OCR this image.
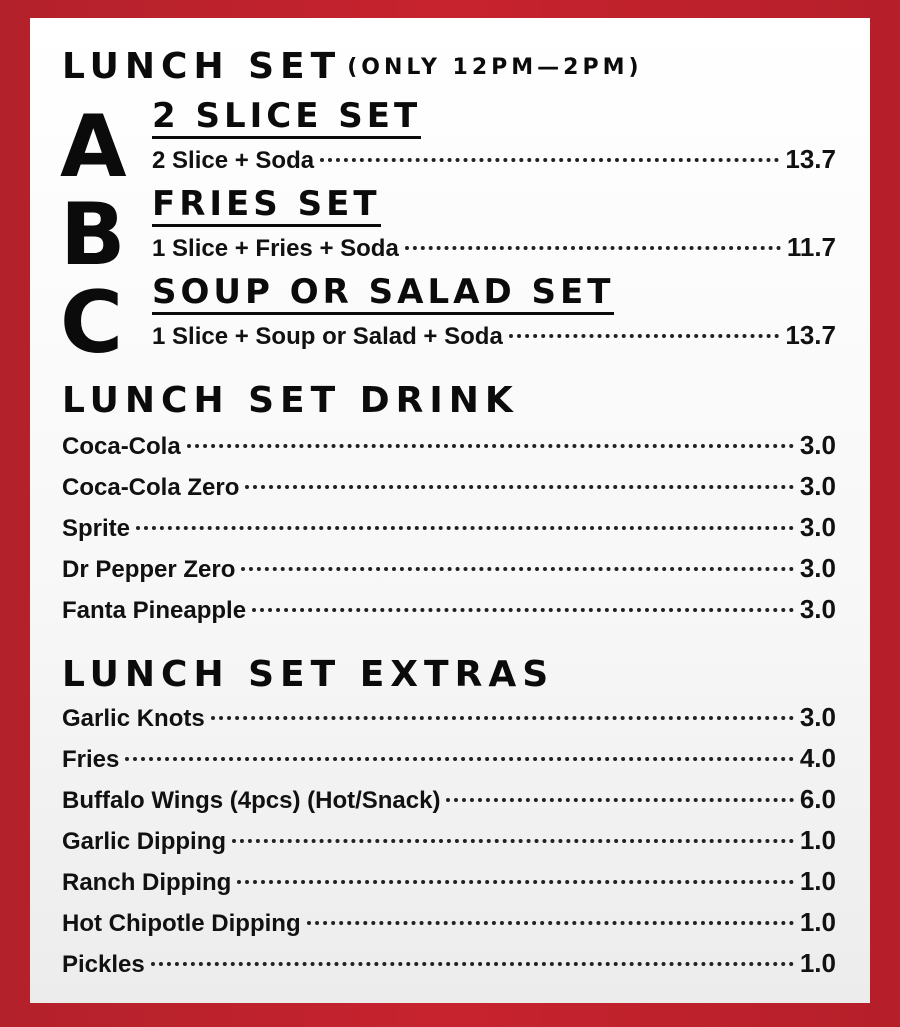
LUNCH SET (ONLY 12PM—2PM)
A 2 SLICE SET
2 Slice + Soda	13.7
B FRIES SET
1 Slice + Fries + Soda	11.7
C SOUP OR SALAD SET
1 Slice + Soup or Salad + Soda	13.7
LUNCH SET DRINK
Coca-Cola	3.0
Coca-Cola Zero	3.0
Sprite	3.0
Dr Pepper Zero	3.0
Fanta Pineapple	3.0
LUNCH SET EXTRAS
Garlic Knots	3.0
Fries	4.0
Buffalo Wings (4pcs) (Hot/Snack)	6.0
Garlic Dipping	1.0
Ranch Dipping	1.0
Hot Chipotle Dipping	1.0
Pickles	1.0
